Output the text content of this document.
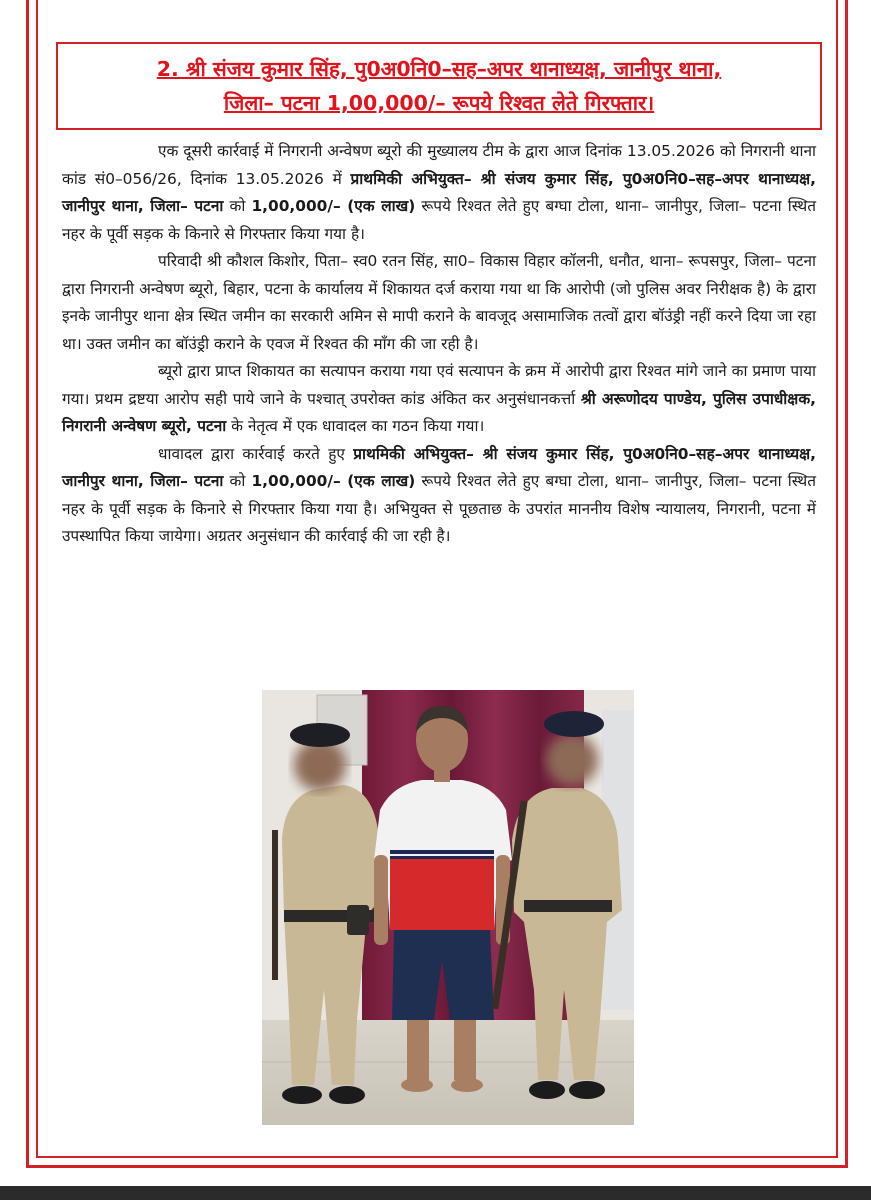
2. श्री संजय कुमार सिंह, पु0अ0नि0–सह–अपर थानाध्यक्ष, जानीपुर थाना,
जिला– पटना 1,00,000/– रूपये रिश्वत लेते गिरफ्तार।

एक दूसरी कार्रवाई में निगरानी अन्वेषण ब्यूरो की मुख्यालय टीम के द्वारा आज दिनांक 13.05.2026 को निगरानी थाना कांड सं0–056/26, दिनांक 13.05.2026 में प्राथमिकी अभियुक्त– श्री संजय कुमार सिंह, पु0अ0नि0–सह–अपर थानाध्यक्ष, जानीपुर थाना, जिला– पटना को 1,00,000/– (एक लाख) रूपये रिश्वत लेते हुए बग्घा टोला, थाना– जानीपुर, जिला– पटना स्थित नहर के पूर्वी सड़क के किनारे से गिरफ्तार किया गया है।

परिवादी श्री कौशल किशोर, पिता– स्व0 रतन सिंह, सा0– विकास विहार कॉलनी, धनौत, थाना– रूपसपुर, जिला– पटना द्वारा निगरानी अन्वेषण ब्यूरो, बिहार, पटना के कार्यालय में शिकायत दर्ज कराया गया था कि आरोपी (जो पुलिस अवर निरीक्षक है) के द्वारा इनके जानीपुर थाना क्षेत्र स्थित जमीन का सरकारी अमिन से मापी कराने के बावजूद असामाजिक तत्वों द्वारा बॉउंड्री नहीं करने दिया जा रहा था। उक्त जमीन का बॉउंड्री कराने के एवज में रिश्वत की माँग की जा रही है।

ब्यूरो द्वारा प्राप्त शिकायत का सत्यापन कराया गया एवं सत्यापन के क्रम में आरोपी द्वारा रिश्वत मांगे जाने का प्रमाण पाया गया। प्रथम द्रष्टया आरोप सही पाये जाने के पश्चात् उपरोक्त कांड अंकित कर अनुसंधानकर्त्ता श्री अरूणोदय पाण्डेय, पुलिस उपाधीक्षक, निगरानी अन्वेषण ब्यूरो, पटना के नेतृत्व में एक धावादल का गठन किया गया।

धावादल द्वारा कार्रवाई करते हुए प्राथमिकी अभियुक्त– श्री संजय कुमार सिंह, पु0अ0नि0–सह–अपर थानाध्यक्ष, जानीपुर थाना, जिला– पटना को 1,00,000/– (एक लाख) रूपये रिश्वत लेते हुए बग्घा टोला, थाना– जानीपुर, जिला– पटना स्थित नहर के पूर्वी सड़क के किनारे से गिरफ्तार किया गया है। अभियुक्त से पूछताछ के उपरांत माननीय विशेष न्यायालय, निगरानी, पटना में उपस्थापित किया जायेगा। अग्रतर अनुसंधान की कार्रवाई की जा रही है।
